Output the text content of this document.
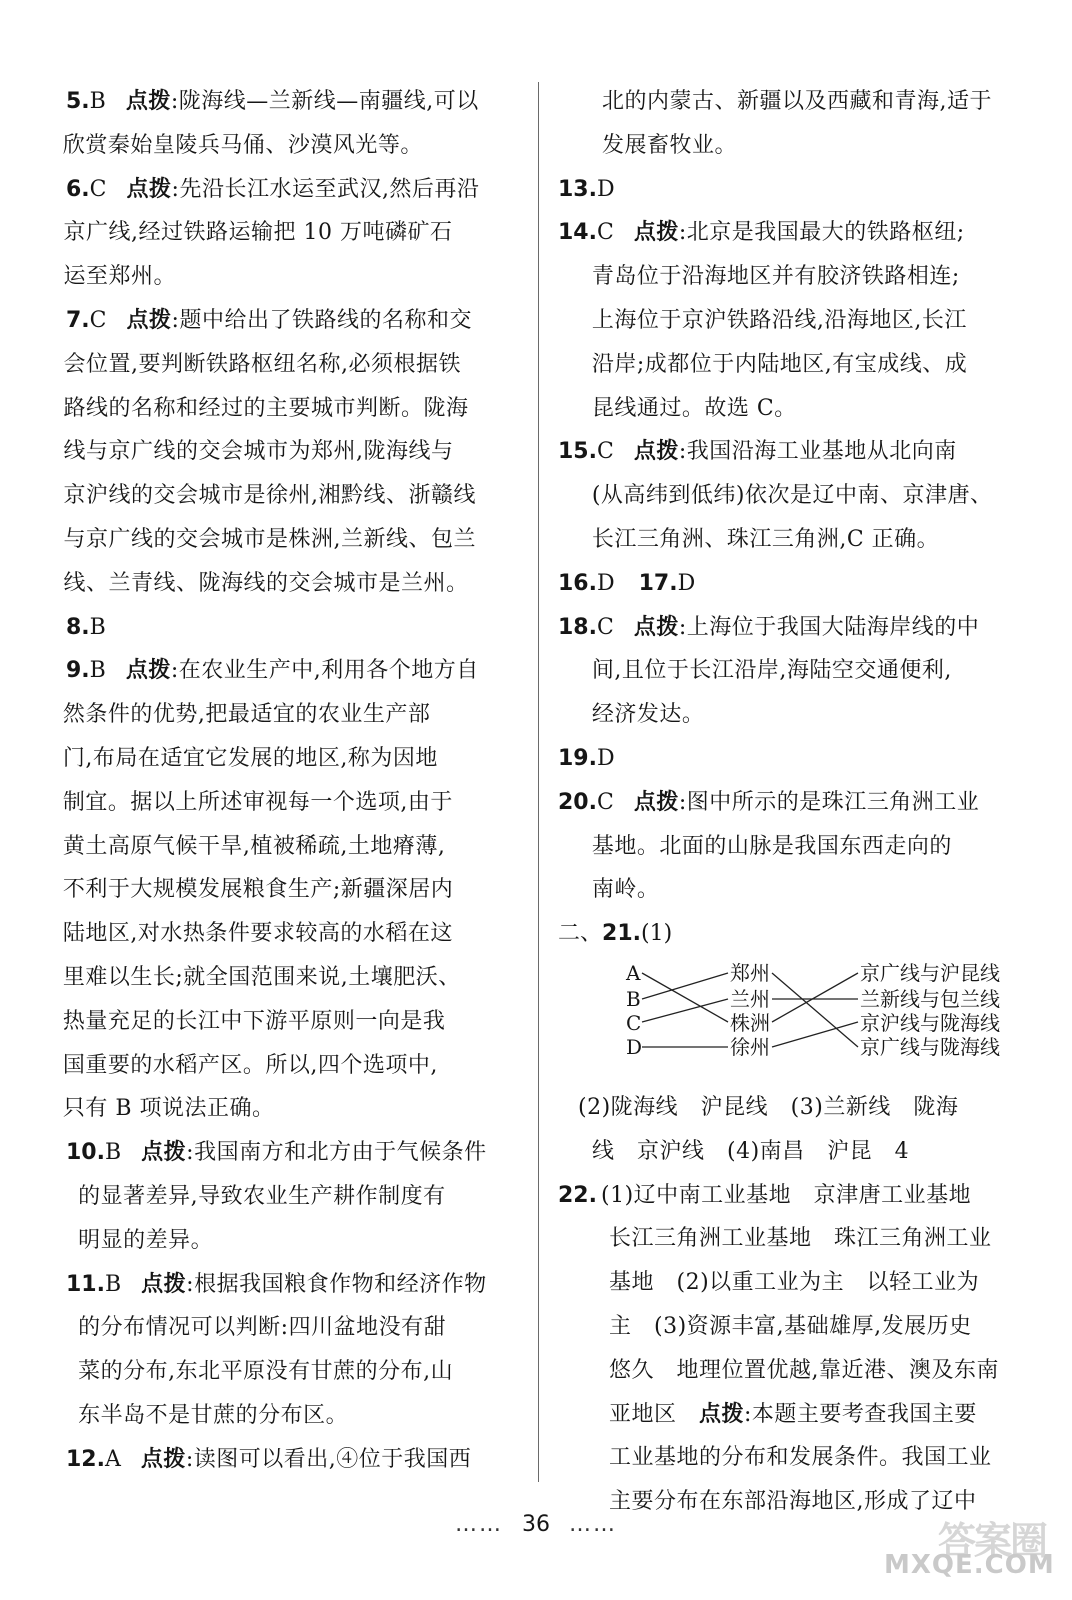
5. B 点拨:陇海线—兰新线—南疆线,可以
欣赏秦始皇陵兵马俑、沙漠风光等。
6. C 点拨:先沿长江水运至武汉,然后再沿
京广线,经过铁路运输把 10 万吨磷矿石
运至郑州。
7. C 点拨:题中给出了铁路线的名称和交
会位置,要判断铁路枢纽名称,必须根据铁
路线的名称和经过的主要城市判断。陇海
线与京广线的交会城市为郑州,陇海线与
京沪线的交会城市是徐州,湘黔线、浙赣线
与京广线的交会城市是株洲,兰新线、包兰
线、兰青线、陇海线的交会城市是兰州。
8. B
9. B 点拨:在农业生产中,利用各个地方自
然条件的优势,把最适宜的农业生产部
门,布局在适宜它发展的地区,称为因地
制宜。据以上所述审视每一个选项,由于
黄土高原气候干旱,植被稀疏,土地瘠薄,
不利于大规模发展粮食生产;新疆深居内
陆地区,对水热条件要求较高的水稻在这
里难以生长;就全国范围来说,土壤肥沃、
热量充足的长江中下游平原则一向是我
国重要的水稻产区。所以,四个选项中,
只有 B 项说法正确。
10. B 点拨:我国南方和北方由于气候条件
的显著差异,导致农业生产耕作制度有
明显的差异。
11. B 点拨:根据我国粮食作物和经济作物
的分布情况可以判断:四川盆地没有甜
菜的分布,东北平原没有甘蔗的分布,山
东半岛不是甘蔗的分布区。
12. A 点拨:读图可以看出,④位于我国西
北的内蒙古、新疆以及西藏和青海,适于
发展畜牧业。
13. D
14. C 点拨:北京是我国最大的铁路枢纽;
青岛位于沿海地区并有胶济铁路相连;
上海位于京沪铁路沿线,沿海地区,长江
沿岸;成都位于内陆地区,有宝成线、成
昆线通过。故选 C。
15. C 点拨:我国沿海工业基地从北向南
(从高纬到低纬)依次是辽中南、京津唐、
长江三角洲、珠江三角洲,C 正确。
16. D 17. D
18. C 点拨:上海位于我国大陆海岸线的中
间,且位于长江沿岸,海陆空交通便利,
经济发达。
19. D
20. C 点拨:图中所示的是珠江三角洲工业
基地。北面的山脉是我国东西走向的
南岭。
二、 21. (1)
A
B
C
D
郑州
兰州
株洲
徐州
京广线与沪昆线
兰新线与包兰线
京沪线与陇海线
京广线与陇海线
(2)陇海线　沪昆线　(3)兰新线　陇海
线　京沪线　(4)南昌　沪昆　4
22. (1)辽中南工业基地　京津唐工业基地
长江三角洲工业基地　珠江三角洲工业
基地　(2)以重工业为主　以轻工业为
主　(3)资源丰富,基础雄厚,发展历史
悠久　地理位置优越,靠近港、澳及东南
亚地区　点拨:本题主要考查我国主要
工业基地的分布和发展条件。我国工业
主要分布在东部沿海地区,形成了辽中
…… 36 ……	答案圈
MXQE.COM
